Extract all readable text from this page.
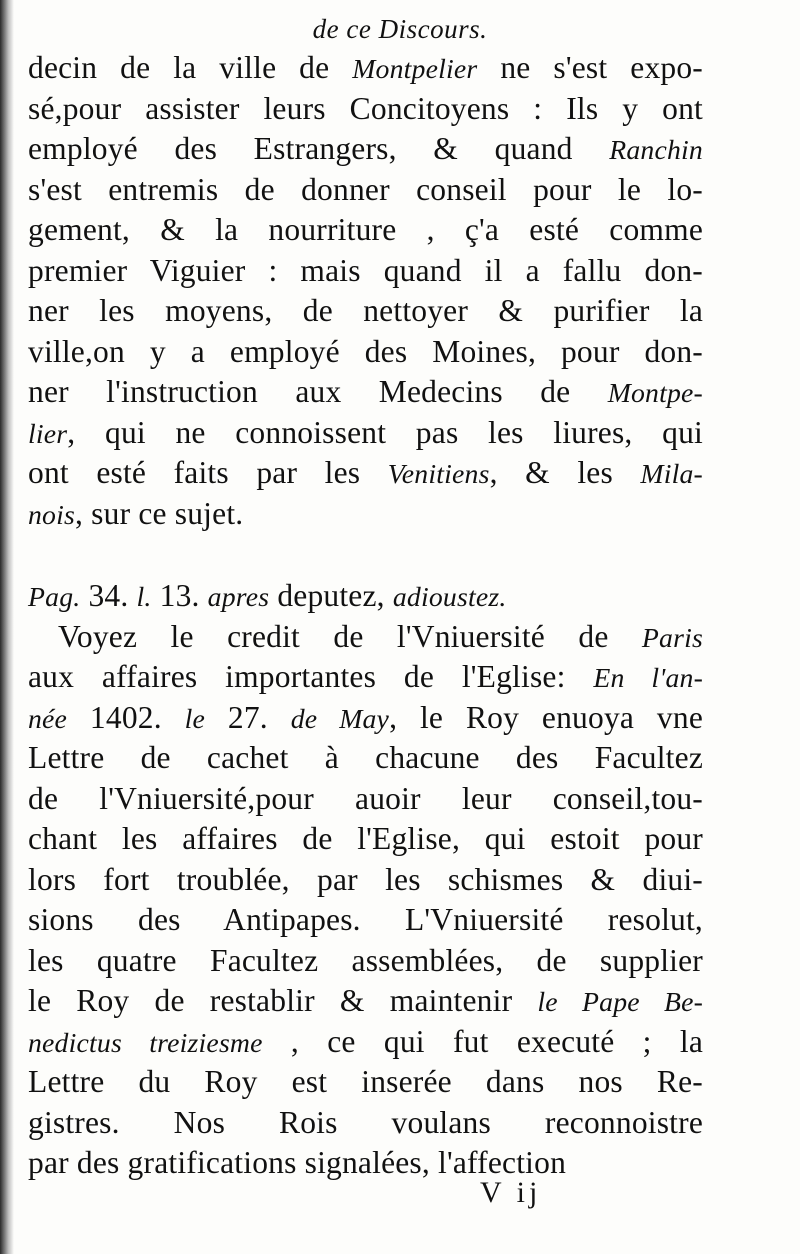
de ce Discours.
decin de la ville de Montpelier ne s'est expo-
sé,pour assister leurs Concitoyens : Ils y ont
employé des Estrangers, & quand Ranchin
s'est entremis de donner conseil pour le lo-
gement, & la nourriture , ç'a esté comme
premier Viguier : mais quand il a fallu don-
ner les moyens, de nettoyer & purifier la
ville,on y a employé des Moines, pour don-
ner l'instruction aux Medecins de Montpe-
lier, qui ne connoissent pas les liures, qui
ont esté faits par les Venitiens, & les Mila-
nois, sur ce sujet.
Pag. 34. l. 13. apres deputez, adioustez.
Voyez le credit de l'Vniuersité de Paris
aux affaires importantes de l'Eglise: En l'an-
née 1402. le 27. de May, le Roy enuoya vne
Lettre de cachet à chacune des Facultez
de l'Vniuersité,pour auoir leur conseil,tou-
chant les affaires de l'Eglise, qui estoit pour
lors fort troublée, par les schismes & diui-
sions des Antipapes. L'Vniuersité resolut,
les quatre Facultez assemblées, de supplier
le Roy de restablir & maintenir le Pape Be-
nedictus treiziesme , ce qui fut executé ; la
Lettre du Roy est inserée dans nos Re-
gistres. Nos Rois voulans reconnoistre
par des gratifications signalées, l'affection
V ij
